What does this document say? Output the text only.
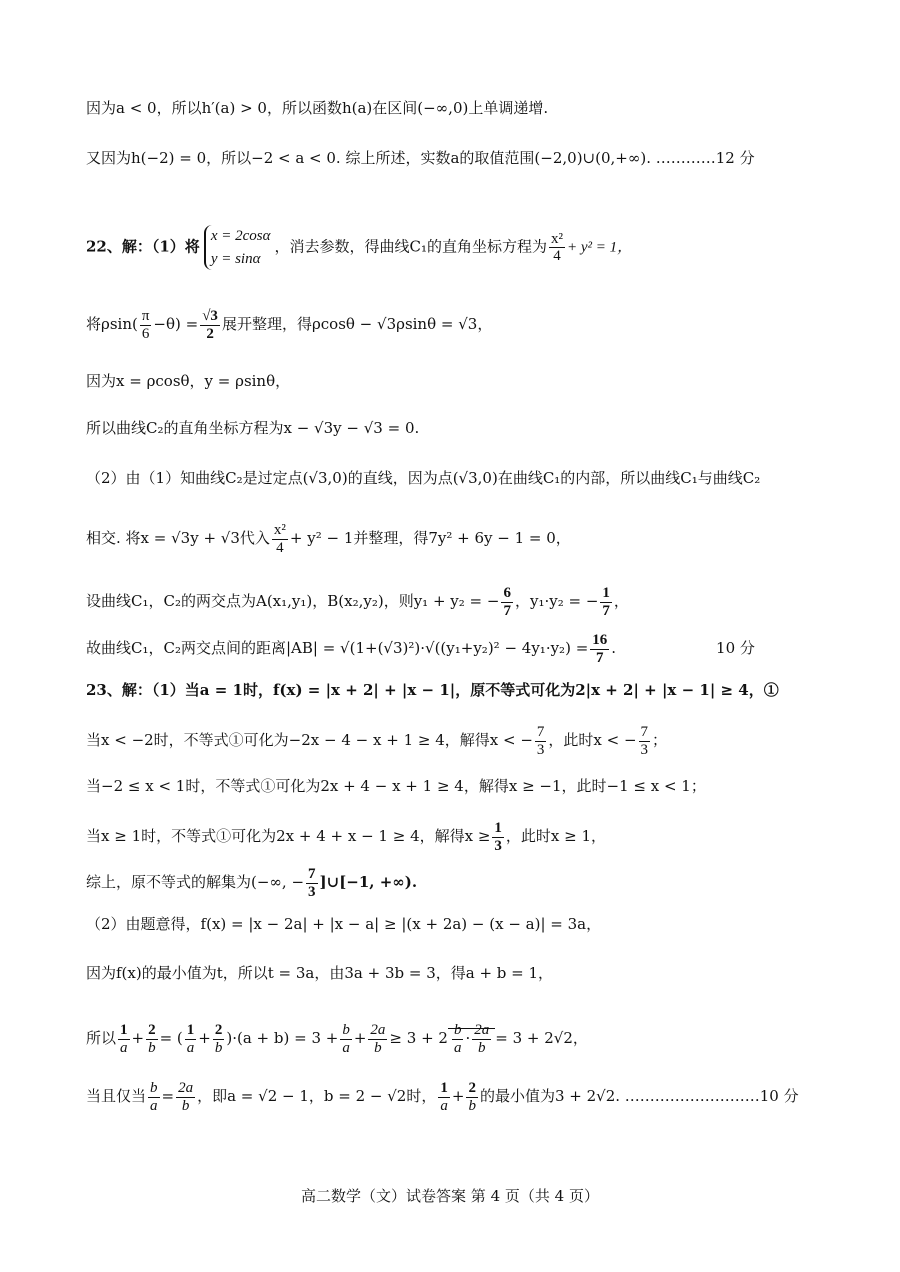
因为a < 0，所以h′(a) > 0，所以函数h(a)在区间(−∞,0)上单调递增.
又因为h(−2) = 0，所以−2 < a < 0. 综上所述，实数a的取值范围(−2,0)∪(0,+∞). …………12 分
22、解：（1）将
x = 2cosα
y = sinα
，消去参数，得曲线C₁的直角坐标方程为 $\frac{\text{x²}}{4} + y^2 = 1$，
将$\rho\sin( \frac{\pi}{6} -\theta) = \frac{√3}{2}$ 展开整理，得ρcosθ − √3ρsinθ = √3，
因为x = ρcosθ，y = ρsinθ，
所以曲线C₂的直角坐标方程为x − √3y − √3 = 0.
（2）由（1）知曲线C₂是过定点(√3,0)的直线，因为点(√3,0)在曲线C₁的内部，所以曲线C₁与曲线C₂
相交. 将x = √3y + √3代入 $\frac{\text{x²}}{4} + y^2 - 1$并整理，得7y² + 6y − 1 = 0，
设曲线C₁，C₂的两交点为A(x₁,y₁)，B(x₂,y₂)，则y₁ + y₂ = − $\frac{6}{7}$ ，y₁·y₂ = − $\frac{1}{7}$ ，
故曲线C₁，C₂两交点间的距离$|AB| = √(1+(√3)^2)\cdot√((y_1+y_2)^2 - 4y_1\cdot y_2) = \frac{16}{7}$ .	10 分
23、解：（1）当a = 1时，f(x) = |x + 2| + |x − 1|，原不等式可化为2|x + 2| + |x − 1| ≥ 4，①
当x < −2时，不等式①可化为−2x − 4 − x + 1 ≥ 4，解得x < − $\frac{7}{3}$ ，此时x < − $\frac{7}{3}$ ；
当−2 ≤ x < 1时，不等式①可化为2x + 4 − x + 1 ≥ 4，解得x ≥ −1，此时−1 ≤ x < 1；
当x ≥ 1时，不等式①可化为2x + 4 + x − 1 ≥ 4，解得$x \ge \frac{1}{3}$ ，此时x ≥ 1，
综上，原不等式的解集为(−∞, − $\frac{7}{3}$ ]∪[−1, +∞).
（2）由题意得，f(x) = |x − 2a| + |x − a| ≥ |(x + 2a) − (x − a)| = 3a，
因为f(x)的最小值为t，所以t = 3a，由3a + 3b = 3，得a + b = 1，
所以 $\frac{1}{a} + \frac{2}{b}$ = ( $\frac{1}{a} + \frac{2}{b} )\cdot(a + b) = 3 + \frac{b}{a} + \frac{2a}{b} \ge 3 + 2 \frac{b}{a} \cdot \frac{2a}{b} = 3 + 2√2$，
当且仅当 $\frac{b}{a} = \frac{2a}{b}$ ，即a = √2 − 1，b = 2 − √2时， $\frac{1}{a} + \frac{2}{b}$ 的最小值为3 + 2√2. ………………………10 分
高二数学（文）试卷答案 第 4 页（共 4 页）
